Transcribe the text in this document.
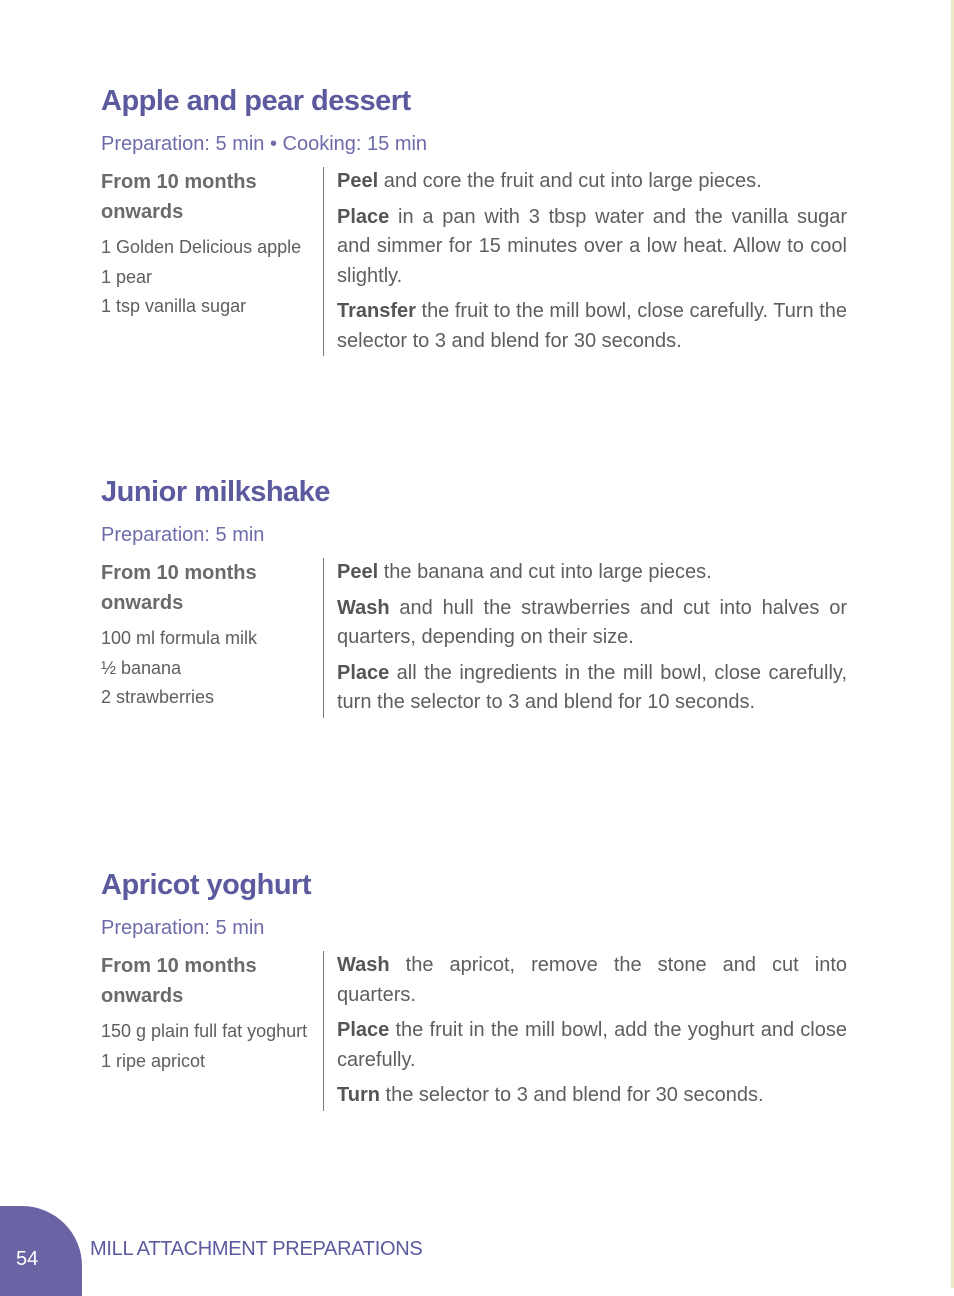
Apple and pear dessert
Preparation: 5 min • Cooking: 15 min
From 10 months onwards
1 Golden Delicious apple
1 pear
1 tsp vanilla sugar

Peel and core the fruit and cut into large pieces.

Place in a pan with 3 tbsp water and the vanilla sugar and simmer for 15 minutes over a low heat. Allow to cool slightly.

Transfer the fruit to the mill bowl, close carefully. Turn the selector to 3 and blend for 30 seconds.

Junior milkshake
Preparation: 5 min
From 10 months onwards
100 ml formula milk
½ banana
2 strawberries

Peel the banana and cut into large pieces.

Wash and hull the strawberries and cut into halves or quarters, depending on their size.

Place all the ingredients in the mill bowl, close carefully, turn the selector to 3 and blend for 10 seconds.

Apricot yoghurt
Preparation: 5 min
From 10 months onwards
150 g plain full fat yoghurt
1 ripe apricot

Wash the apricot, remove the stone and cut into quarters.

Place the fruit in the mill bowl, add the yoghurt and close carefully.

Turn the selector to 3 and blend for 30 seconds.

54	MILL ATTACHMENT PREPARATIONS
